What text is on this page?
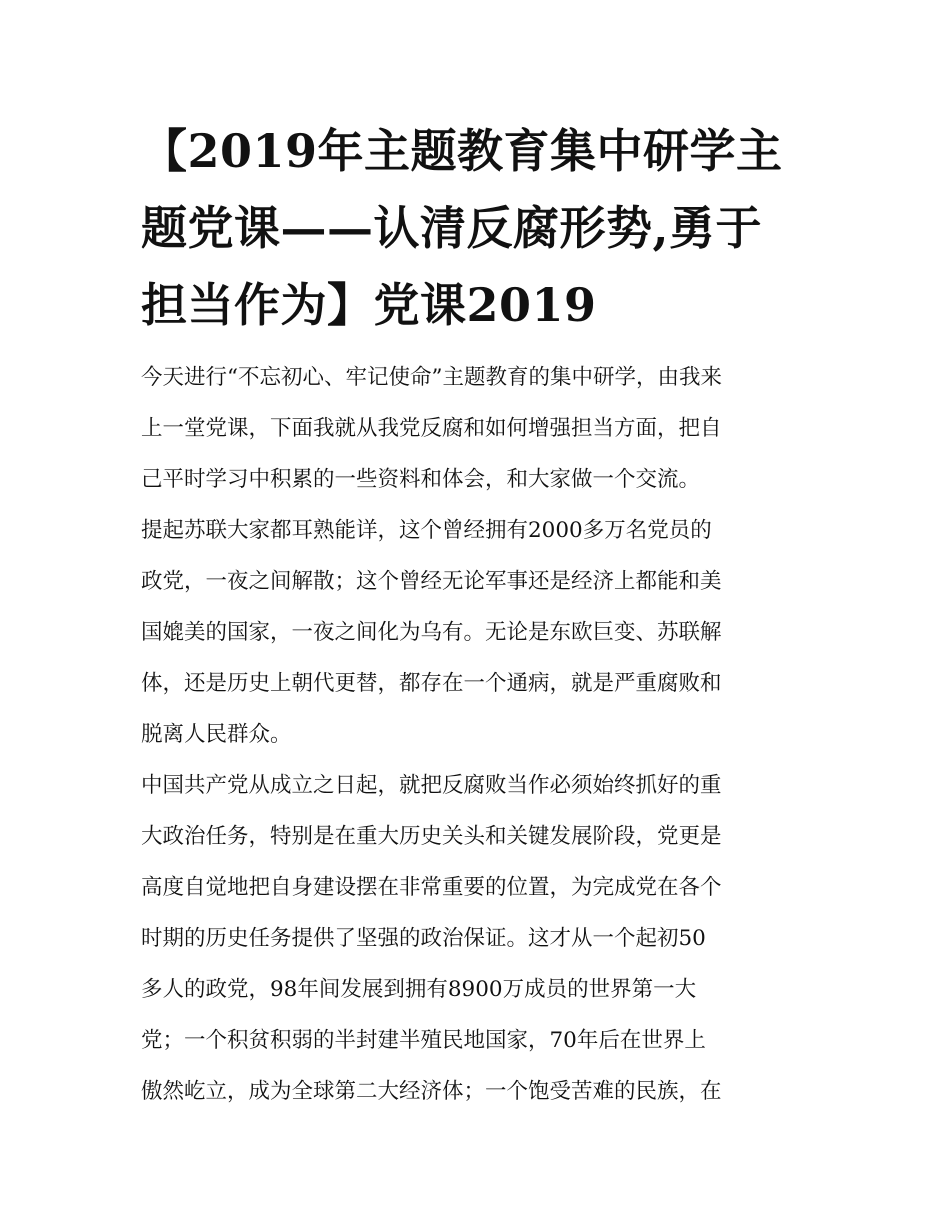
【2019年主题教育集中研学主
题党课——认清反腐形势,勇于
担当作为】党课2019

今天进行“不忘初心、牢记使命”主题教育的集中研学，由我来
上一堂党课，下面我就从我党反腐和如何增强担当方面，把自
己平时学习中积累的一些资料和体会，和大家做一个交流。

提起苏联大家都耳熟能详，这个曾经拥有2000多万名党员的
政党，一夜之间解散；这个曾经无论军事还是经济上都能和美
国媲美的国家，一夜之间化为乌有。无论是东欧巨变、苏联解
体，还是历史上朝代更替，都存在一个通病，就是严重腐败和
脱离人民群众。

中国共产党从成立之日起，就把反腐败当作必须始终抓好的重
大政治任务，特别是在重大历史关头和关键发展阶段，党更是
高度自觉地把自身建设摆在非常重要的位置，为完成党在各个
时期的历史任务提供了坚强的政治保证。这才从一个起初50
多人的政党，98年间发展到拥有8900万成员的世界第一大
党；一个积贫积弱的半封建半殖民地国家，70年后在世界上
傲然屹立，成为全球第二大经济体；一个饱受苦难的民族，在
